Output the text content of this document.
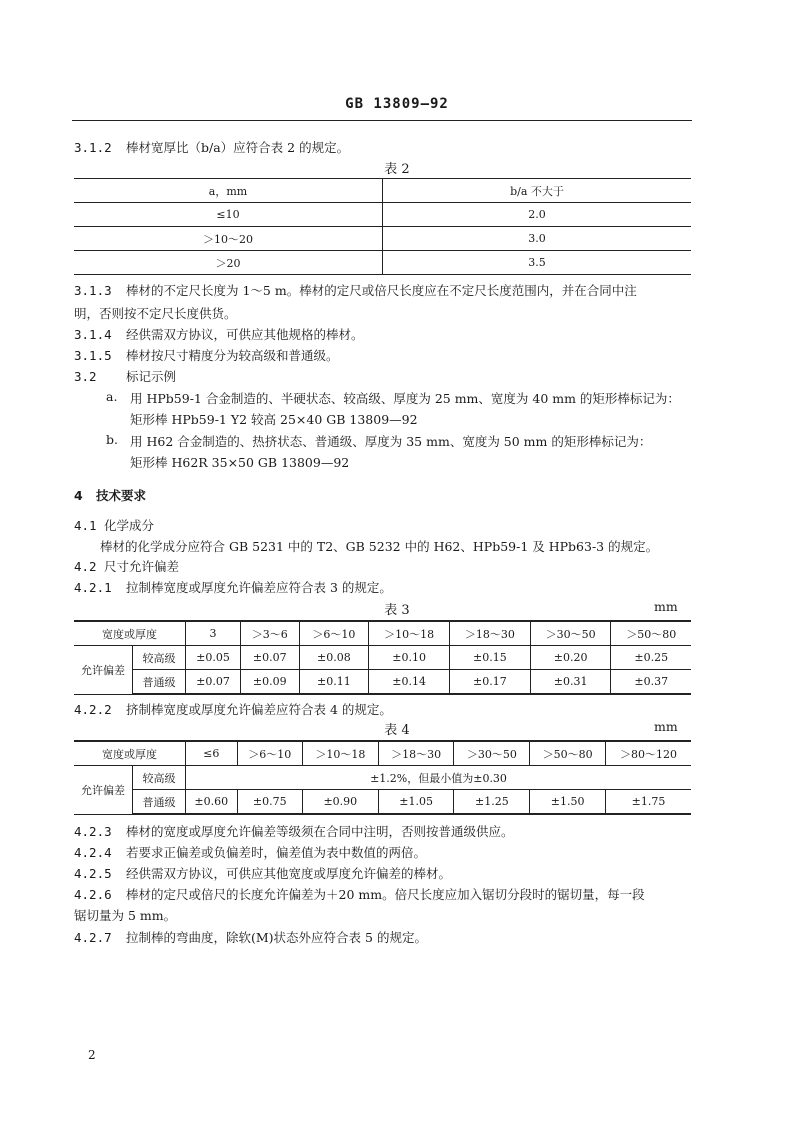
GB 13809—92
3.1.2 棒材宽厚比（b/a）应符合表 2 的规定。
表 2
a，mm	b/a 不大于
≤10	2.0
＞10～20	3.0
＞20	3.5
3.1.3 棒材的不定尺长度为 1～5 m。棒材的定尺或倍尺长度应在不定尺长度范围内，并在合同中注
明，否则按不定尺长度供货。
3.1.4 经供需双方协议，可供应其他规格的棒材。
3.1.5 棒材按尺寸精度分为较高级和普通级。
3.2 标记示例
a. 用 HPb59-1 合金制造的、半硬状态、较高级、厚度为 25 mm、宽度为 40 mm 的矩形棒标记为：
矩形棒 HPb59-1 Y2 较高 25×40 GB 13809—92
b. 用 H62 合金制造的、热挤状态、普通级、厚度为 35 mm、宽度为 50 mm 的矩形棒标记为：
矩形棒 H62R 35×50 GB 13809—92
4 技术要求
4.1 化学成分
棒材的化学成分应符合 GB 5231 中的 T2、GB 5232 中的 H62、HPb59-1 及 HPb63-3 的规定。
4.2 尺寸允许偏差
4.2.1 拉制棒宽度或厚度允许偏差应符合表 3 的规定。
表 3	mm
宽度或厚度		3	＞3～6	＞6～10	＞10～18	＞18～30	＞30～50	＞50～80
允许偏差	较高级	±0.05	±0.07	±0.08	±0.10	±0.15	±0.20	±0.25
	普通级	±0.07	±0.09	±0.11	±0.14	±0.17	±0.31	±0.37
4.2.2 挤制棒宽度或厚度允许偏差应符合表 4 的规定。
表 4	mm
宽度或厚度		≤6	＞6～10	＞10～18	＞18～30	＞30～50	＞50～80	＞80～120
允许偏差	较高级	±1.2%，但最小值为±0.30						
	普通级	±0.60	±0.75	±0.90	±1.05	±1.25	±1.50	±1.75
4.2.3 棒材的宽度或厚度允许偏差等级须在合同中注明，否则按普通级供应。
4.2.4 若要求正偏差或负偏差时，偏差值为表中数值的两倍。
4.2.5 经供需双方协议，可供应其他宽度或厚度允许偏差的棒材。
4.2.6 棒材的定尺或倍尺的长度允许偏差为＋20 mm。倍尺长度应加入锯切分段时的锯切量，每一段
锯切量为 5 mm。
4.2.7 拉制棒的弯曲度，除软(M)状态外应符合表 5 的规定。
2
